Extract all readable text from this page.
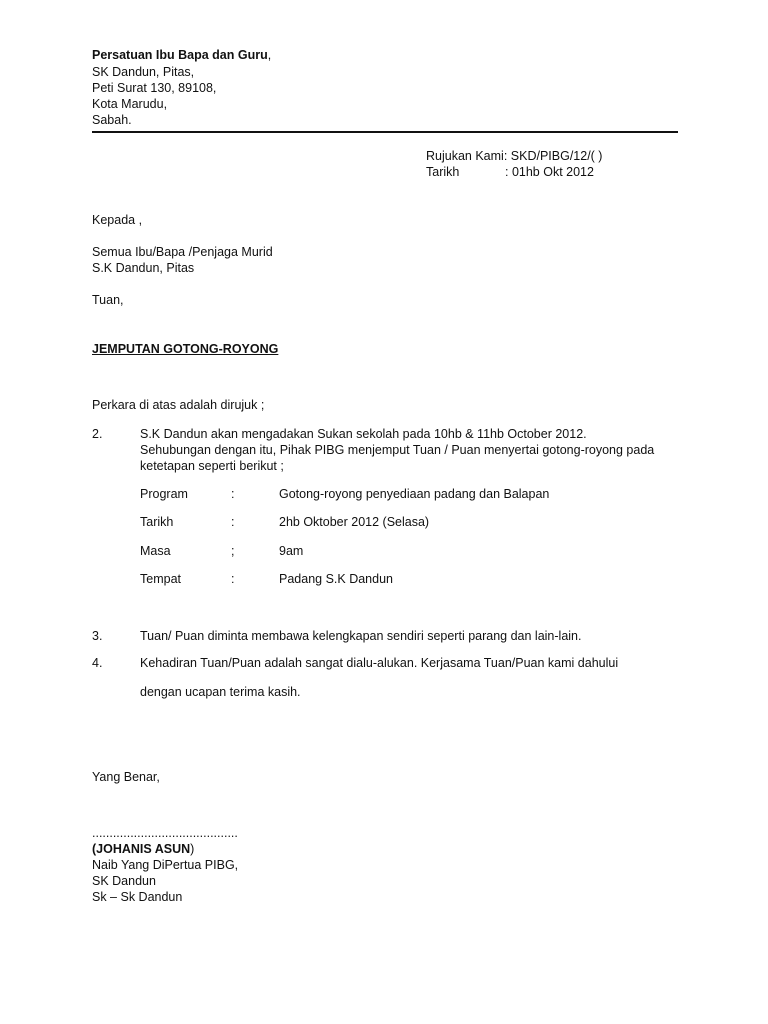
Persatuan Ibu Bapa dan Guru,
SK Dandun, Pitas,
Peti Surat 130, 89108,
Kota Marudu,
Sabah.
Rujukan Kami: SKD/PIBG/12/( )
Tarikh	: 01hb Okt 2012
Kepada ,
Semua Ibu/Bapa /Penjaga Murid
S.K Dandun, Pitas
Tuan,
JEMPUTAN GOTONG-ROYONG
Perkara di atas adalah dirujuk ;
2.	S.K Dandun akan mengadakan Sukan sekolah pada 10hb & 11hb October 2012.
Sehubungan dengan itu, Pihak PIBG menjemput Tuan / Puan menyertai gotong-royong pada
ketetapan seperti berikut ;
Program	:	Gotong-royong penyediaan padang dan Balapan
Tarikh	:	2hb Oktober 2012 (Selasa)
Masa	;	9am
Tempat	:	Padang S.K Dandun
3.	Tuan/ Puan diminta membawa kelengkapan sendiri seperti parang dan lain-lain.
4.	Kehadiran Tuan/Puan adalah sangat dialu-alukan. Kerjasama Tuan/Puan kami dahului
dengan ucapan terima kasih.
Yang Benar,
..........................................
(JOHANIS ASUN)
Naib Yang DiPertua PIBG,
SK Dandun
Sk – Sk Dandun
